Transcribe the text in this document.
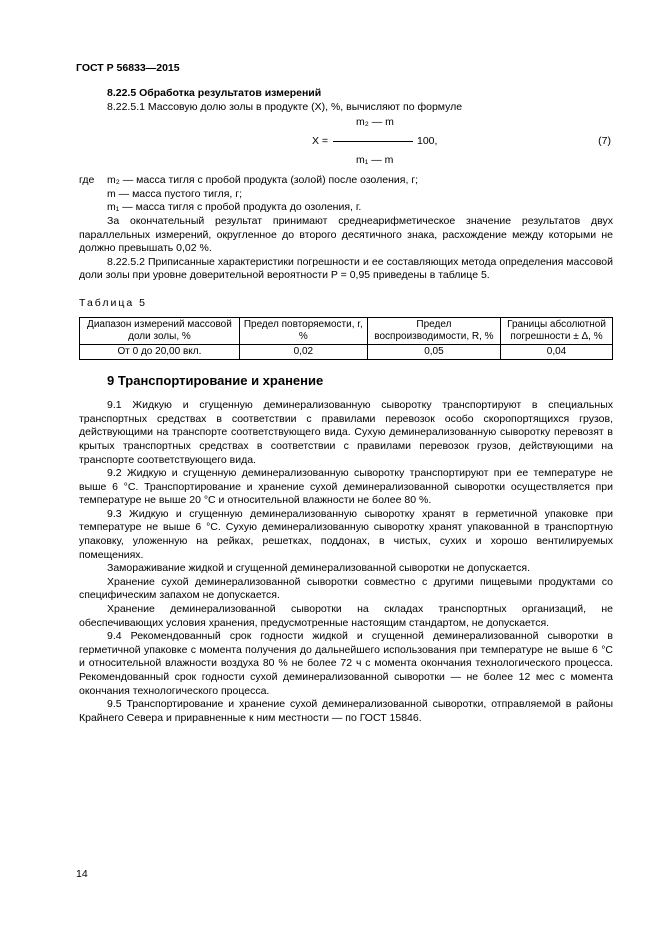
ГОСТ Р 56833—2015
8.22.5 Обработка результатов измерений

8.22.5.1 Массовую долю золы в продукте (X), %, вычисляют по формуле

m₂ — m
X =	100,
m₁ — m
(7)
где m₂ — масса тигля с пробой продукта (золой) после озоления, г;
m — масса пустого тигля, г;
m₁ — масса тигля с пробой продукта до озоления, г.

За окончательный результат принимают среднеарифметическое значение результатов двух параллельных измерений, округленное до второго десятичного знака, расхождение между которыми не должно превышать 0,02 %.

8.22.5.2 Приписанные характеристики погрешности и ее составляющих метода определения массовой доли золы при уровне доверительной вероятности P = 0,95 приведены в таблице 5.

Таблица 5
Диапазон измерений массовой доли золы, %	Предел повторяемости, r, %	Предел воспроизводимости, R, %	Границы абсолютной погрешности ± Δ, %
От 0 до 20,00 вкл.	0,02	0,05	0,04
9 Транспортирование и хранение

9.1 Жидкую и сгущенную деминерализованную сыворотку транспортируют в специальных транспортных средствах в соответствии с правилами перевозок особо скоропортящихся грузов, действующими на транспорте соответствующего вида. Сухую деминерализованную сыворотку перевозят в крытых транспортных средствах в соответствии с правилами перевозок грузов, действующими на транспорте соответствующего вида.

9.2 Жидкую и сгущенную деминерализованную сыворотку транспортируют при ее температуре не выше 6 °С. Транспортирование и хранение сухой деминерализованной сыворотки осуществляется при температуре не выше 20 °С и относительной влажности не более 80 %.

9.3 Жидкую и сгущенную деминерализованную сыворотку хранят в герметичной упаковке при температуре не выше 6 °С. Сухую деминерализованную сыворотку хранят упакованной в транспортную упаковку, уложенную на рейках, решетках, поддонах, в чистых, сухих и хорошо вентилируемых помещениях.

Замораживание жидкой и сгущенной деминерализованной сыворотки не допускается.

Хранение сухой деминерализованной сыворотки совместно с другими пищевыми продуктами со специфическим запахом не допускается.

Хранение деминерализованной сыворотки на складах транспортных организаций, не обеспечивающих условия хранения, предусмотренные настоящим стандартом, не допускается.

9.4 Рекомендованный срок годности жидкой и сгущенной деминерализованной сыворотки в герметичной упаковке с момента получения до дальнейшего использования при температуре не выше 6 °С и относительной влажности воздуха 80 % не более 72 ч с момента окончания технологического процесса. Рекомендованный срок годности сухой деминерализованной сыворотки — не более 12 мес с момента окончания технологического процесса.

9.5 Транспортирование и хранение сухой деминерализованной сыворотки, отправляемой в районы Крайнего Севера и приравненные к ним местности — по ГОСТ 15846.

14
